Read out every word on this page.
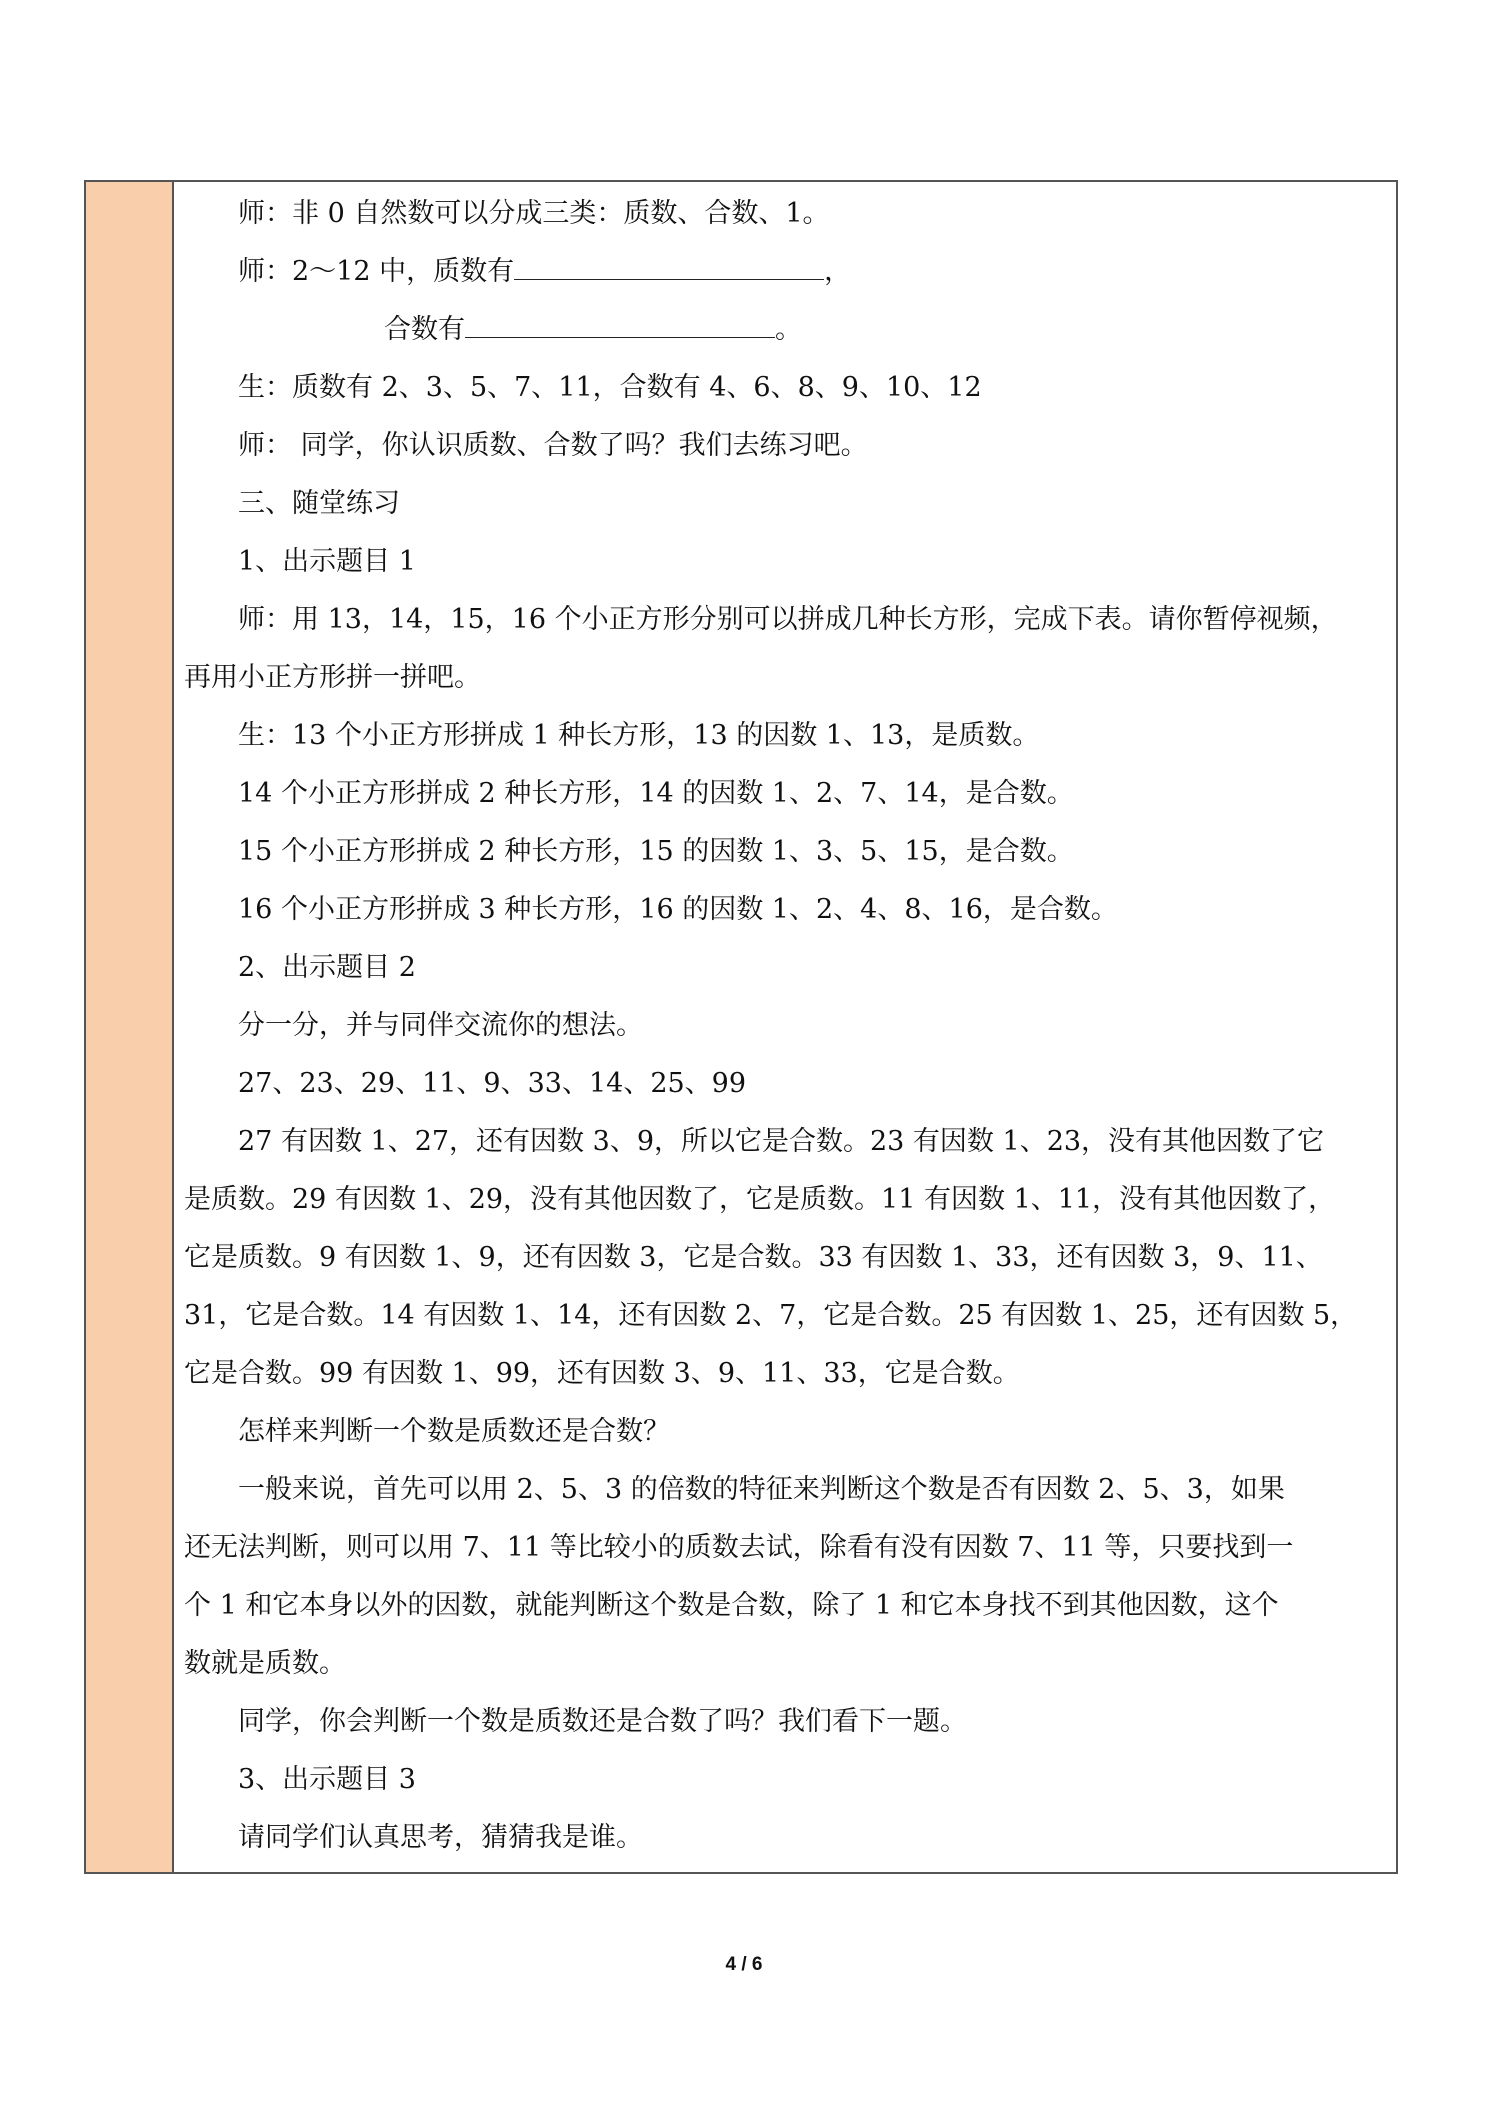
师：非 0 自然数可以分成三类：质数、合数、1。
师：2～12 中，质数有	，
合数有	。
生：质数有 2、3、5、7、11，合数有 4、6、8、9、10、12
师： 同学，你认识质数、合数了吗？我们去练习吧。
三、随堂练习
1、出示题目 1
师：用 13，14，15，16 个小正方形分别可以拼成几种长方形，完成下表。请你暂停视频，
再用小正方形拼一拼吧。
生：13 个小正方形拼成 1 种长方形，13 的因数 1、13，是质数。
14 个小正方形拼成 2 种长方形，14 的因数 1、2、7、14，是合数。
15 个小正方形拼成 2 种长方形，15 的因数 1、3、5、15，是合数。
16 个小正方形拼成 3 种长方形，16 的因数 1、2、4、8、16，是合数。
2、出示题目 2
分一分，并与同伴交流你的想法。
27、23、29、11、9、33、14、25、99
27 有因数 1、27，还有因数 3、9，所以它是合数。23 有因数 1、23，没有其他因数了它
是质数。29 有因数 1、29，没有其他因数了，它是质数。11 有因数 1、11，没有其他因数了，
它是质数。9 有因数 1、9，还有因数 3，它是合数。33 有因数 1、33，还有因数 3，9、11、
31，它是合数。14 有因数 1、14，还有因数 2、7，它是合数。25 有因数 1、25，还有因数 5，
它是合数。99 有因数 1、99，还有因数 3、9、11、33，它是合数。
怎样来判断一个数是质数还是合数？
一般来说，首先可以用 2、5、3 的倍数的特征来判断这个数是否有因数 2、5、3，如果
还无法判断，则可以用 7、11 等比较小的质数去试，除看有没有因数 7、11 等，只要找到一
个 1 和它本身以外的因数，就能判断这个数是合数，除了 1 和它本身找不到其他因数，这个
数就是质数。
同学，你会判断一个数是质数还是合数了吗？我们看下一题。
3、出示题目 3
请同学们认真思考，猜猜我是谁。
4 / 6
